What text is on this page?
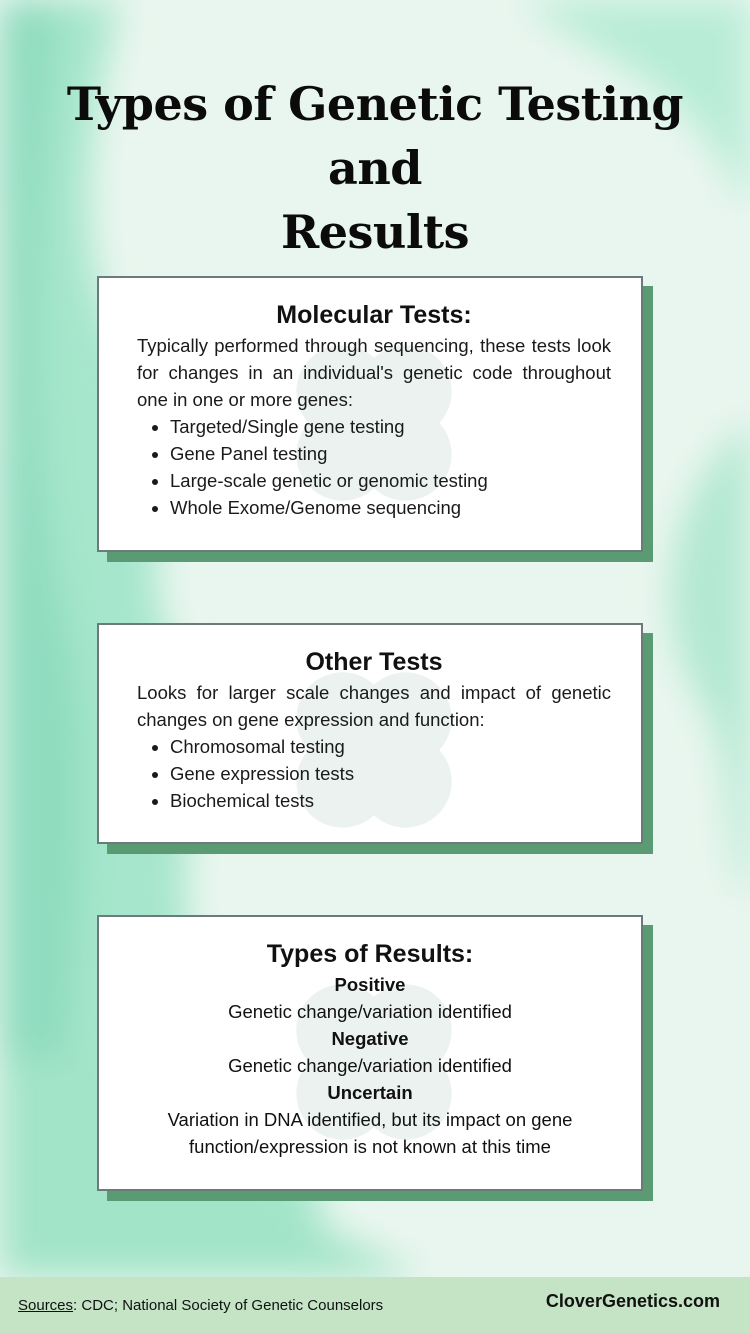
Types of Genetic Testing
and
Results
Molecular Tests:

Typically performed through sequencing, these tests look for changes in an individual's genetic code throughout one in one or more genes:

• Targeted/Single gene testing
• Gene Panel testing
• Large-scale genetic or genomic testing
• Whole Exome/Genome sequencing
Other Tests

Looks for larger scale changes and impact of genetic changes on gene expression and function:

• Chromosomal testing
• Gene expression tests
• Biochemical tests
Types of Results:

Positive

Genetic change/variation identified

Negative

Genetic change/variation identified

Uncertain

Variation in DNA identified, but its impact on gene function/expression is not known at this time

Sources: CDC; National Society of Genetic Counselors	CloverGenetics.com
